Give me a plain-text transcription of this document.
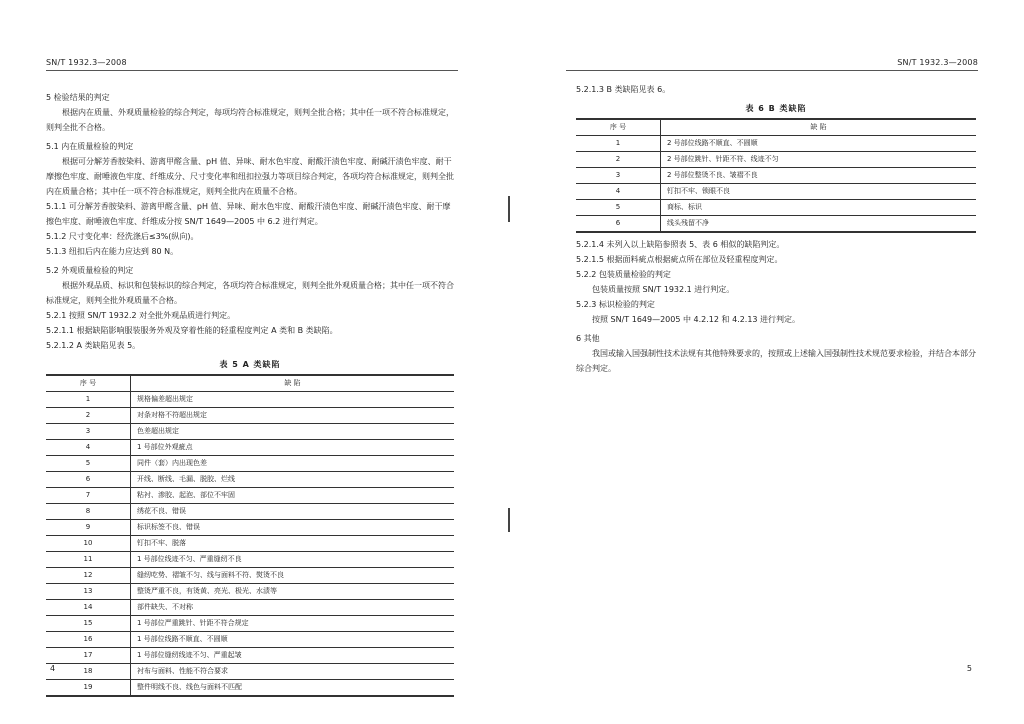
SN/T 1932.3—2008

5 检验结果的判定

根据内在质量、外观质量检验的综合判定，每项均符合标准规定，则判全批合格；其中任一项不符合标准规定，则判全批不合格。

5.1 内在质量检验的判定

根据可分解芳香胺染料、游离甲醛含量、pH 值、异味、耐水色牢度、耐酸汗渍色牢度、耐碱汗渍色牢度、耐干摩擦色牢度、耐唾液色牢度、纤维成分、尺寸变化率和纽扣拉强力等项目综合判定，各项均符合标准规定，则判全批内在质量合格；其中任一项不符合标准规定，则判全批内在质量不合格。

5.1.1 可分解芳香胺染料、游离甲醛含量、pH 值、异味、耐水色牢度、耐酸汗渍色牢度、耐碱汗渍色牢度、耐干摩擦色牢度、耐唾液色牢度、纤维成分按 SN/T 1649—2005 中 6.2 进行判定。

5.1.2 尺寸变化率：经洗涤后≤3%(纵向)。

5.1.3 纽扣后内在能力应达到 80 N。

5.2 外观质量检验的判定

根据外观品质、标识和包装标识的综合判定，各项均符合标准规定，则判全批外观质量合格；其中任一项不符合标准规定，则判全批外观质量不合格。

5.2.1 按照 SN/T 1932.2 对全批外观品质进行判定。

5.2.1.1 根据缺陷影响服装服务外观及穿着性能的轻重程度判定 A 类和 B 类缺陷。

5.2.1.2 A 类缺陷见表 5。

表 5 A 类缺陷
序 号	缺 陷
1	规格偏差超出规定
2	对条对格不符超出规定
3	色差超出规定
4	1 号部位外观疵点
5	同件（套）内出现色差
6	开线、断线、毛漏、脱胶、烂线
7	粘衬、渗胶、起泡、部位不牢固
8	绣花不良、错误
9	标识标签不良、错误
10	钉扣不牢、脱落
11	1 号部位线迹不匀、严重缝纫不良
12	缝纫吃势、褶皱不匀、线与面料不符、熨烫不良
13	整烫严重不良，有烫黄、亮光、极光、水渍等
14	部件缺失、不对称
15	1 号部位严重跳针、针距不符合规定
16	1 号部位线路不顺直、不圆顺
17	1 号部位缝纫线迹不匀、严重起皱
18	衬布与面料、性能不符合要求
19	整件明线不良、线色与面料不匹配
4
SN/T 1932.3—2008
5

5.2.1.3 B 类缺陷见表 6。

表 6 B 类缺陷
序 号	缺 陷
1	2 号部位线路不顺直、不圆顺
2	2 号部位跳针、针距不符、线迹不匀
3	2 号部位整烫不良、皱褶不良
4	钉扣不牢、锁眼不良
5	商标、标识
6	线头残留不净

5.2.1.4 未列入以上缺陷参照表 5、表 6 相似的缺陷判定。

5.2.1.5 根据面料疵点根据疵点所在部位及轻重程度判定。

5.2.2 包装质量检验的判定

包装质量按照 SN/T 1932.1 进行判定。

5.2.3 标识检验的判定

按照 SN/T 1649—2005 中 4.2.12 和 4.2.13 进行判定。

6 其他

我国或输入国强制性技术法规有其他特殊要求的，按照或上述输入国强制性技术规范要求检验，并结合本部分综合判定。
